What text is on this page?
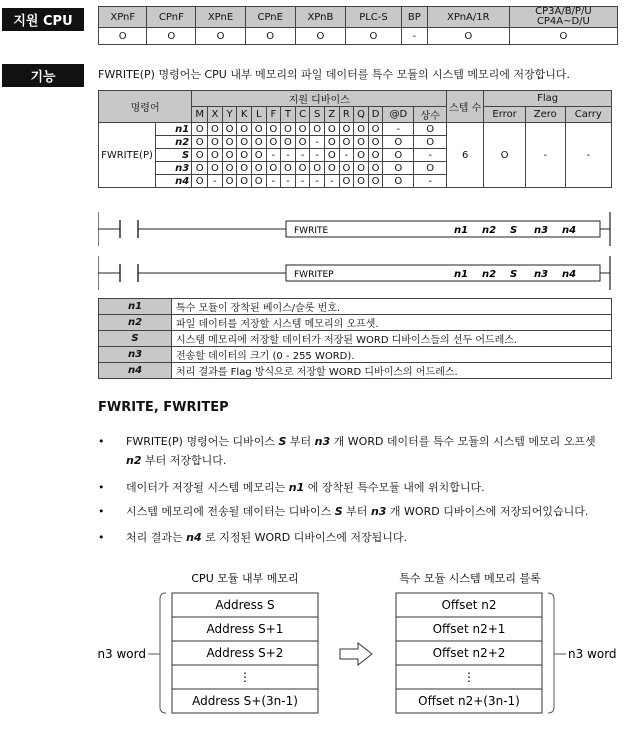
지원 CPU	XPnF	CPnF	XPnE	CPnE	XPnB	PLC-S	BP	XPnA/1R	CP3A/B/P/U
CP4A~D/U
O	O	O	O	O	O	-	O	O
기능	FWRITE(P) 명령어는 CPU 내부 메모리의 파일 데이터를 특수 모듈의 시스템 메모리에 저장합니다.
명령어		지원 디바이스															스텝 수	Flag		
		M	X	Y	K	L	F	T	C	S	Z	R	Q	D	@D	상수		Error	Zero	Carry
FWRITE(P)	n1	O	O	O	O	O	O	O	O	O	O	O	O	O	-	O	6	O	-	-
	n2	O	O	O	O	O	O	O	O	-	O	O	O	O	O	O				
	S	O	O	O	O	O	-	-	-	-	O	-	O	O	O	-				
	n3	O	O	O	O	O	O	O	O	O	O	O	O	O	O	O				
	n4	O	-	O	O	O	-	-	-	-	-	O	O	O	O	-				
FWRITE	n1 n2 S n3 n4
FWRITEP	n1 n2 S n3 n4
n1	특수 모듈이 장착된 베이스/슬롯 번호.
n2	파일 데이터를 저장할 시스템 메모리의 오프셋.
S	시스템 메모리에 저장할 데이터가 저장된 WORD 디바이스들의 선두 어드레스.
n3	전송할 데이터의 크기 (0 - 255 WORD).
n4	처리 결과를 Flag 방식으로 저장할 WORD 디바이스의 어드레스.
FWRITE, FWRITEP
• FWRITE(P) 명령어는 디바이스 S 부터 n3 개 WORD 데이터를 특수 모듈의 시스템 메모리 오프셋
n2 부터 저장합니다.
• 데이터가 저장될 시스템 메모리는 n1 에 장착된 특수모듈 내에 위치합니다.
• 시스템 메모리에 전송될 데이터는 디바이스 S 부터 n3 개 WORD 디바이스에 저장되어있습니다.
• 처리 결과는 n4 로 지정된 WORD 디바이스에 저장됩니다.
CPU 모듈 내부 메모리	특수 모듈 시스템 메모리 블록
Address S
Address S+1
Address S+2
⋮
Address S+(3n-1)
Offset n2
Offset n2+1
Offset n2+2
⋮
Offset n2+(3n-1)
n3 word	n3 word
